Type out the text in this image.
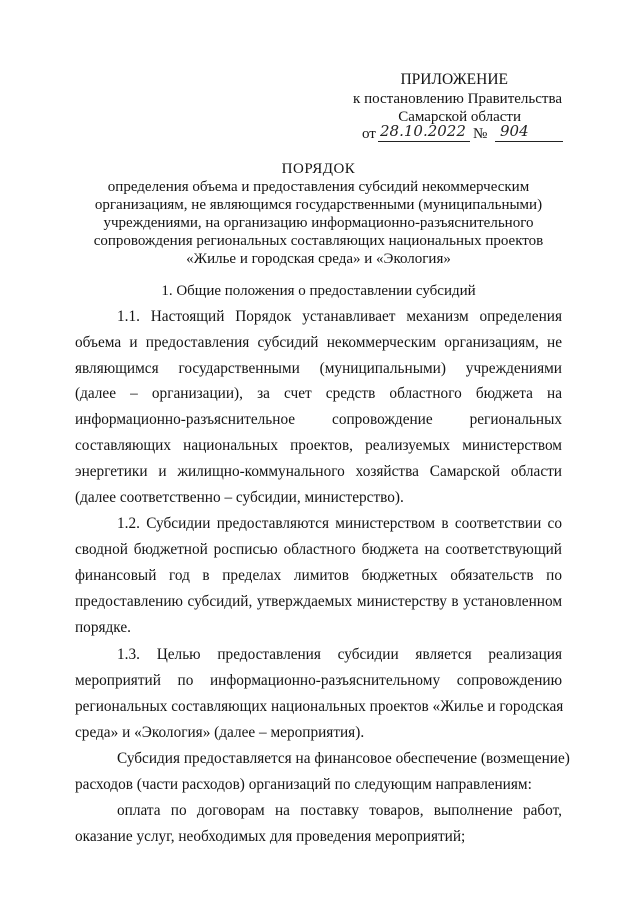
ПРИЛОЖЕНИЕ
к постановлению Правительства
Самарской области
от 28.10.2022 № 904
ПОРЯДОК
определения объема и предоставления субсидий некоммерческим
организациям, не являющимся государственными (муниципальными)
учреждениями, на организацию информационно-разъяснительного
сопровождения региональных составляющих национальных проектов
«Жилье и городская среда» и «Экология»
1. Общие положения о предоставлении субсидий
1.1. Настоящий Порядок устанавливает механизм определения
объема и предоставления субсидий некоммерческим организациям, не
являющимся государственными (муниципальными) учреждениями
(далее – организации), за счет средств областного бюджета на
информационно-разъяснительное сопровождение региональных
составляющих национальных проектов, реализуемых министерством
энергетики и жилищно-коммунального хозяйства Самарской области
(далее соответственно – субсидии, министерство).
1.2. Субсидии предоставляются министерством в соответствии со
сводной бюджетной росписью областного бюджета на соответствующий
финансовый год в пределах лимитов бюджетных обязательств по
предоставлению субсидий, утверждаемых министерству в установленном
порядке.
1.3. Целью предоставления субсидии является реализация
мероприятий по информационно-разъяснительному сопровождению
региональных составляющих национальных проектов «Жилье и городская
среда» и «Экология» (далее – мероприятия).
Субсидия предоставляется на финансовое обеспечение (возмещение)
расходов (части расходов) организаций по следующим направлениям:
оплата по договорам на поставку товаров, выполнение работ,
оказание услуг, необходимых для проведения мероприятий;
